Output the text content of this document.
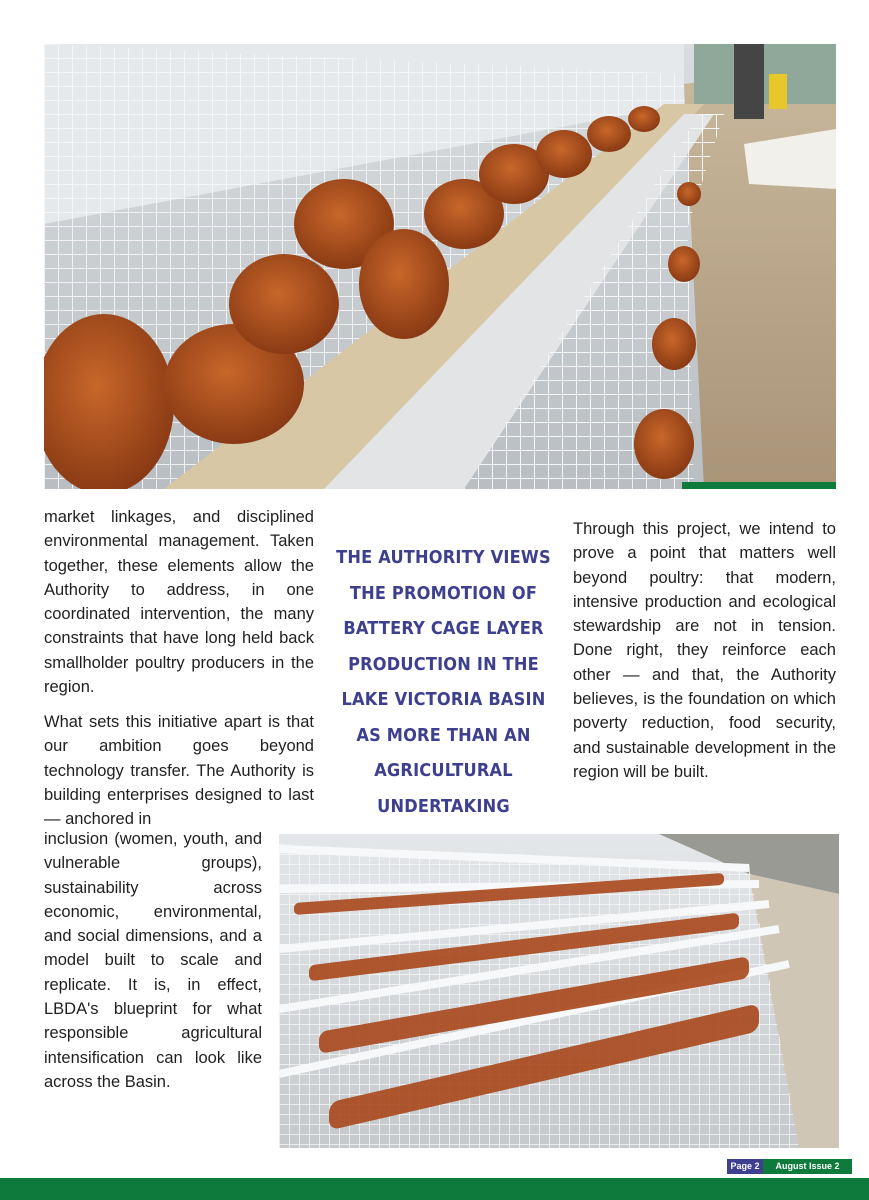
market linkages, and disciplined environmental management. Taken together, these elements allow the Authority to address, in one coordinated intervention, the many constraints that have long held back smallholder poultry producers in the region.

What sets this initiative apart is that our ambition goes beyond technology transfer. The Authority is building enterprises designed to last — anchored in

inclusion (women, youth, and vulnerable groups), sustainability across economic, environmental, and social dimensions, and a model built to scale and replicate. It is, in effect, LBDA's blueprint for what responsible agricultural intensification can look like across the Basin.

THE AUTHORITY VIEWS THE PROMOTION OF BATTERY CAGE LAYER PRODUCTION IN THE LAKE VICTORIA BASIN AS MORE THAN AN AGRICULTURAL UNDERTAKING

Through this project, we intend to prove a point that matters well beyond poultry: that modern, intensive production and ecological stewardship are not in tension. Done right, they reinforce each other — and that, the Authority believes, is the foundation on which poverty reduction, food security, and sustainable development in the region will be built.

Page 2	August Issue 2
